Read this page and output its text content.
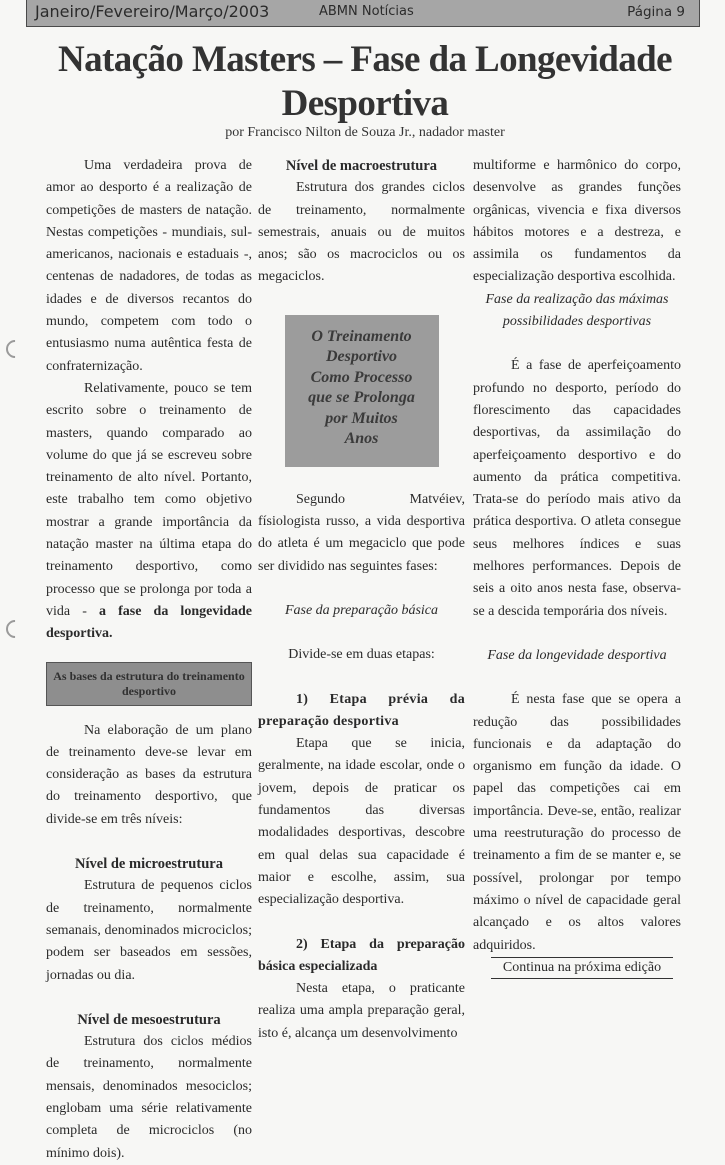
Janeiro/Fevereiro/Março/2003	ABMN Notícias	Página 9
Natação Masters – Fase da Longevidade Desportiva
por Francisco Nilton de Souza Jr., nadador master

Uma verdadeira prova de amor ao desporto é a realização de competições de masters de natação. Nestas competições - mundiais, sul-americanos, nacionais e estaduais -, centenas de nadadores, de todas as idades e de diversos recantos do mundo, competem com todo o entusiasmo numa autêntica festa de confraternização.

Relativamente, pouco se tem escrito sobre o treinamento de masters, quando comparado ao volume do que já se escreveu sobre treinamento de alto nível. Portanto, este trabalho tem como objetivo mostrar a grande importância da natação master na última etapa do treinamento desportivo, como processo que se prolonga por toda a vida - a fase da longevidade desportiva.

As bases da estrutura do treinamento desportivo

Na elaboração de um plano de treinamento deve-se levar em consideração as bases da estrutura do treinamento desportivo, que divide-se em três níveis:

Nível de microestrutura

Estrutura de pequenos ciclos de treinamento, normalmente semanais, denominados microciclos; podem ser baseados em sessões, jornadas ou dia.

Nível de mesoestrutura

Estrutura dos ciclos médios de treinamento, normalmente mensais, denominados mesociclos; englobam uma série relativamente completa de microciclos (no mínimo dois).

Nível de macroestrutura

Estrutura dos grandes ciclos de treinamento, normalmente semestrais, anuais ou de muitos anos; são os macrociclos ou os megaciclos.

O Treinamento
Desportivo
Como Processo
que se Prolonga
por Muitos
Anos

Segundo Matvéiev, físiologista russo, a vida desportiva do atleta é um megaciclo que pode ser dividido nas seguintes fases:

Fase da preparação básica

Divide-se em duas etapas:

1) Etapa prévia da preparação desportiva

Etapa que se inicia, geralmente, na idade escolar, onde o jovem, depois de praticar os fundamentos das diversas modalidades desportivas, descobre em qual delas sua capacidade é maior e escolhe, assim, sua especialização desportiva.

2) Etapa da preparação básica especializada

Nesta etapa, o praticante realiza uma ampla preparação geral, isto é, alcança um desenvolvimento

multiforme e harmônico do corpo, desenvolve as grandes funções orgânicas, vivencia e fixa diversos hábitos motores e a destreza, e assimila os fundamentos da especialização desportiva escolhida.

Fase da realização das máximas possibilidades desportivas

É a fase de aperfeiçoamento profundo no desporto, período do florescimento das capacidades desportivas, da assimilação do aperfeiçoamento desportivo e do aumento da prática competitiva. Trata-se do período mais ativo da prática desportiva. O atleta consegue seus melhores índices e suas melhores performances. Depois de seis a oito anos nesta fase, observa-se a descida temporária dos níveis.

Fase da longevidade desportiva

É nesta fase que se opera a redução das possibilidades funcionais e da adaptação do organismo em função da idade. O papel das competições cai em importância. Deve-se, então, realizar uma reestruturação do processo de treinamento a fim de se manter e, se possível, prolongar por tempo máximo o nível de capacidade geral alcançado e os altos valores adquiridos.

Continua na próxima edição
